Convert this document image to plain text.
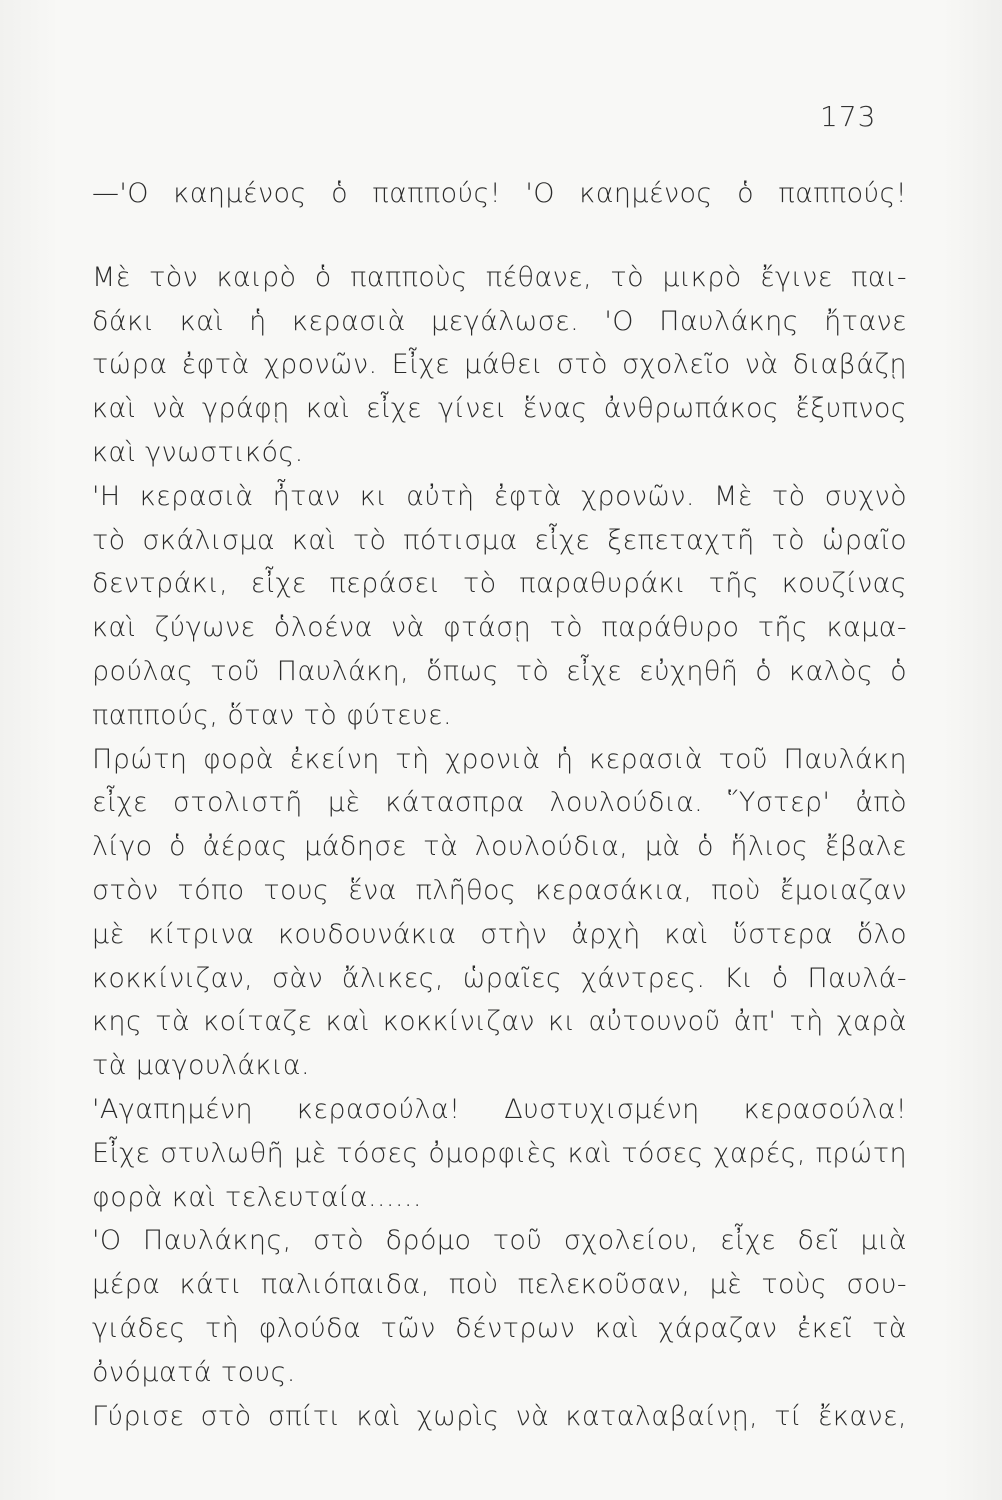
173
—'Ο καημένος ὁ παππούς! 'Ο καημένος ὁ παππούς!
Μὲ τὸν καιρὸ ὁ παπποὺς πέθανε, τὸ μικρὸ ἔγινε παι-
δάκι καὶ ἡ κερασιὰ μεγάλωσε. 'Ο Παυλάκης ἤτανε
τώρα ἐφτὰ χρονῶν. Εἶχε μάθει στὸ σχολεῖο νὰ διαβάζῃ
καὶ νὰ γράφῃ καὶ εἶχε γίνει ἕνας ἀνθρωπάκος ἔξυπνος
καὶ γνωστικός.
'Η κερασιὰ ἦταν κι αὐτὴ ἐφτὰ χρονῶν. Μὲ τὸ συχνὸ
τὸ σκάλισμα καὶ τὸ πότισμα εἶχε ξεπεταχτῆ τὸ ὡραῖο
δεντράκι, εἶχε περάσει τὸ παραθυράκι τῆς κουζίνας
καὶ ζύγωνε ὁλοένα νὰ φτάσῃ τὸ παράθυρο τῆς καμα-
ρούλας τοῦ Παυλάκη, ὅπως τὸ εἶχε εὐχηθῆ ὁ καλὸς ὁ
παππούς, ὅταν τὸ φύτευε.
Πρώτη φορὰ ἐκείνη τὴ χρονιὰ ἡ κερασιὰ τοῦ Παυλάκη
εἶχε στολιστῆ μὲ κάτασπρα λουλούδια. Ὕστερ' ἀπὸ
λίγο ὁ ἀέρας μάδησε τὰ λουλούδια, μὰ ὁ ἥλιος ἔβαλε
στὸν τόπο τους ἕνα πλῆθος κερασάκια, ποὺ ἔμοιαζαν
μὲ κίτρινα κουδουνάκια στὴν ἀρχὴ καὶ ὕστερα ὅλο
κοκκίνιζαν, σὰν ἄλικες, ὡραῖες χάντρες. Κι ὁ Παυλά-
κης τὰ κοίταζε καὶ κοκκίνιζαν κι αὐτουνοῦ ἀπ' τὴ χαρὰ
τὰ μαγουλάκια.
'Αγαπημένη κερασούλα! Δυστυχισμένη κερασούλα!
Εἶχε στυλωθῆ μὲ τόσες ὀμορφιὲς καὶ τόσες χαρές, πρώτη
φορὰ καὶ τελευταία......
'Ο Παυλάκης, στὸ δρόμο τοῦ σχολείου, εἶχε δεῖ μιὰ
μέρα κάτι παλιόπαιδα, ποὺ πελεκοῦσαν, μὲ τοὺς σου-
γιάδες τὴ φλούδα τῶν δέντρων καὶ χάραζαν ἐκεῖ τὰ
ὀνόματά τους.
Γύρισε στὸ σπίτι καὶ χωρὶς νὰ καταλαβαίνῃ, τί ἔκανε,
